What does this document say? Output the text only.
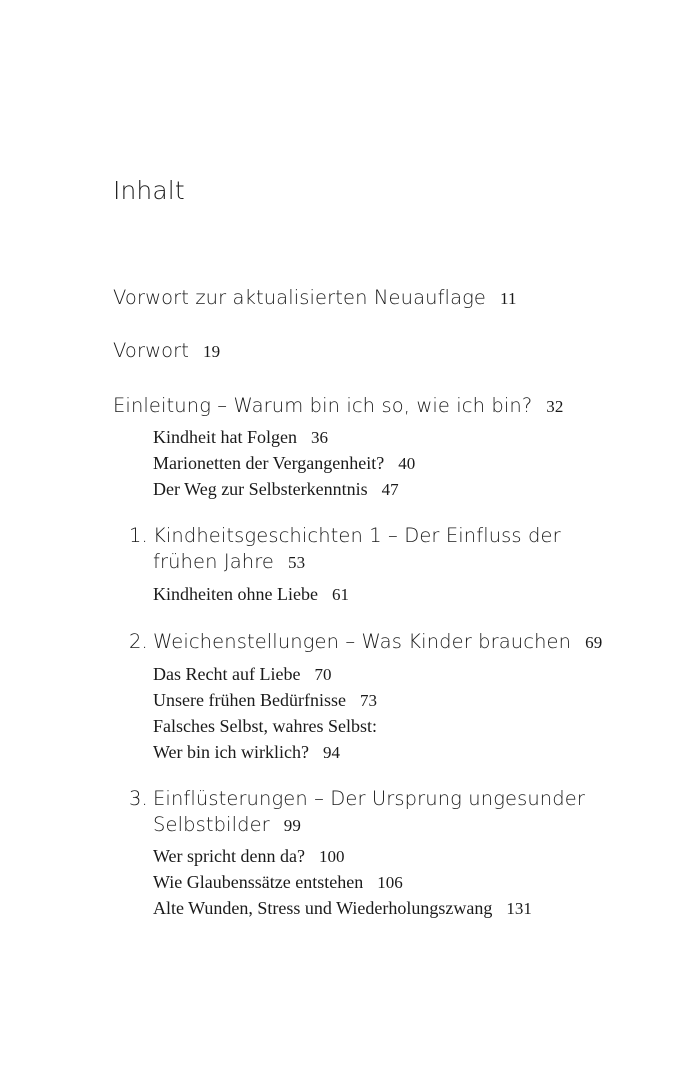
Inhalt
Vorwort zur aktualisierten Neuauflage 11
Vorwort 19
Einleitung – Warum bin ich so, wie ich bin? 32
Kindheit hat Folgen 36
Marionetten der Vergangenheit? 40
Der Weg zur Selbsterkenntnis 47
1. Kindheitsgeschichten 1 – Der Einfluss der
frühen Jahre 53
Kindheiten ohne Liebe 61
2. Weichenstellungen – Was Kinder brauchen 69
Das Recht auf Liebe 70
Unsere frühen Bedürfnisse 73
Falsches Selbst, wahres Selbst:
Wer bin ich wirklich? 94
3. Einflüsterungen – Der Ursprung ungesunder
Selbstbilder 99
Wer spricht denn da? 100
Wie Glaubenssätze entstehen 106
Alte Wunden, Stress und Wiederholungszwang 131
